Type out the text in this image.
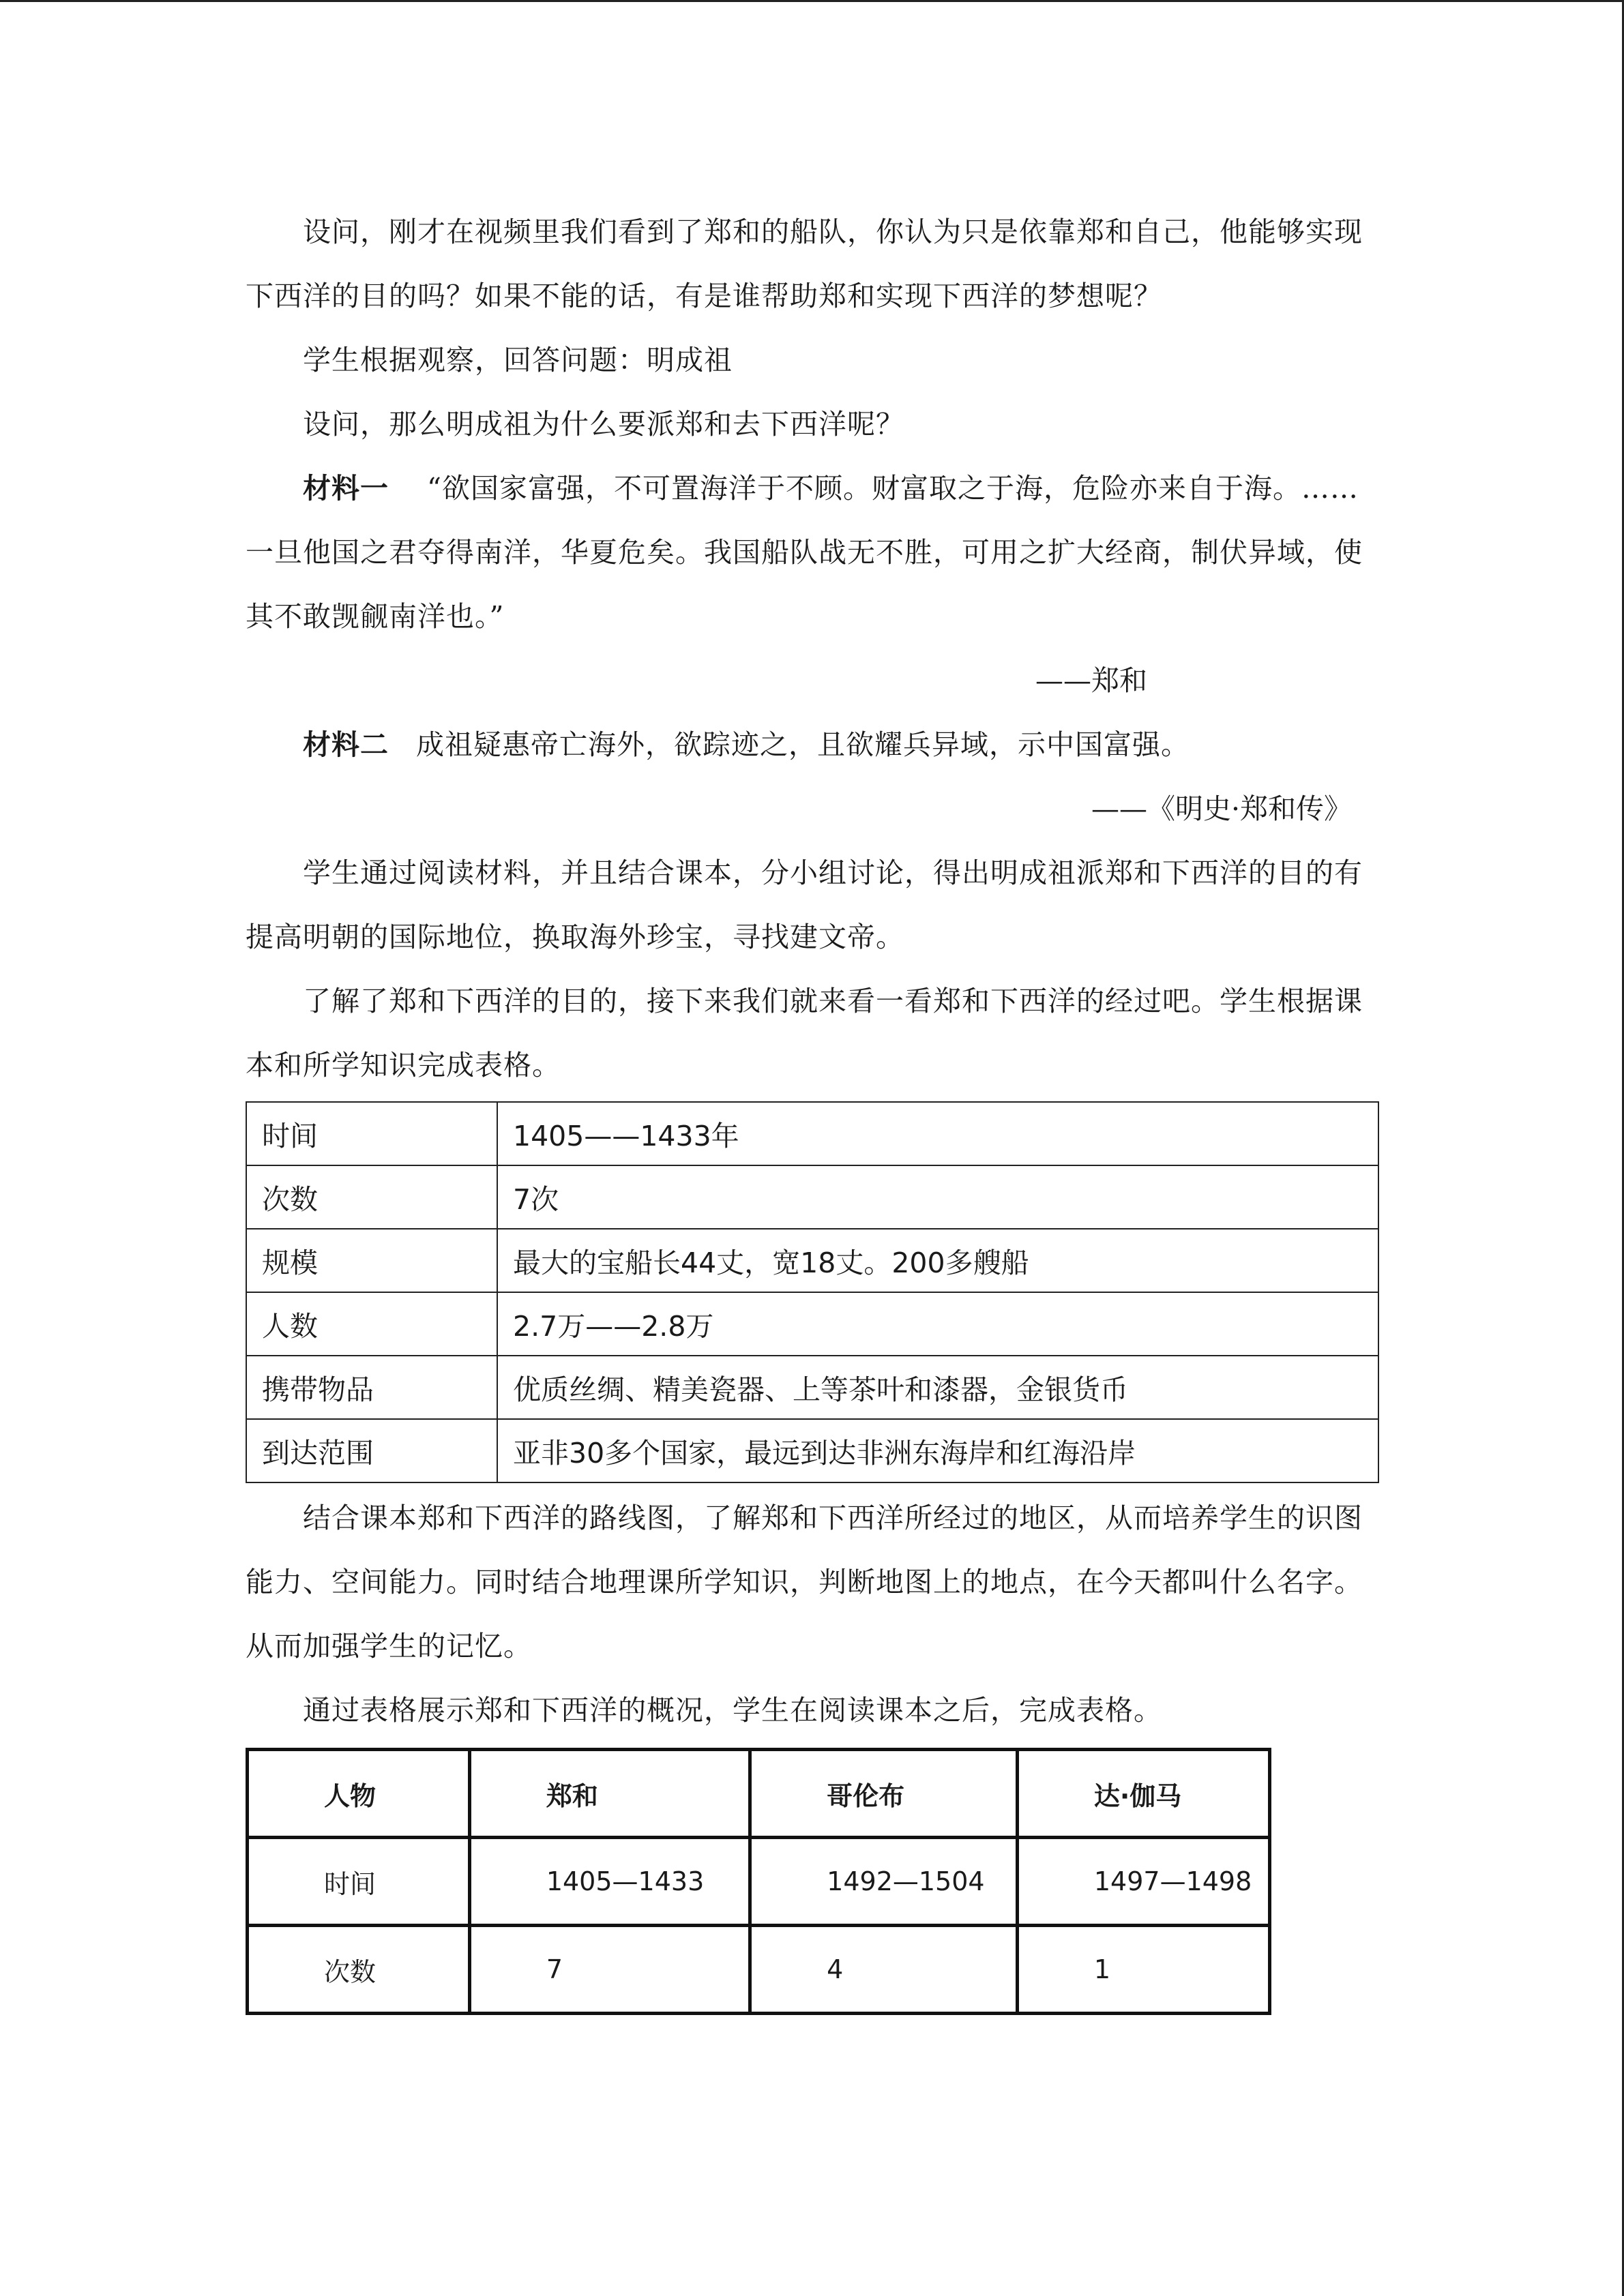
设问，刚才在视频里我们看到了郑和的船队，你认为只是依靠郑和自己，他能够实现下西洋的目的吗？如果不能的话，有是谁帮助郑和实现下西洋的梦想呢？

学生根据观察，回答问题：明成祖

设问，那么明成祖为什么要派郑和去下西洋呢？

材料一 “欲国家富强，不可置海洋于不顾。财富取之于海，危险亦来自于海。……一旦他国之君夺得南洋，华夏危矣。我国船队战无不胜，可用之扩大经商，制伏异域，使其不敢觊觎南洋也。”

——郑和

材料二 成祖疑惠帝亡海外，欲踪迹之，且欲耀兵异域，示中国富强。

——《明史·郑和传》

学生通过阅读材料，并且结合课本，分小组讨论，得出明成祖派郑和下西洋的目的有提高明朝的国际地位，换取海外珍宝，寻找建文帝。

了解了郑和下西洋的目的，接下来我们就来看一看郑和下西洋的经过吧。学生根据课本和所学知识完成表格。

时间	1405——1433年
次数	7次
规模	最大的宝船长44丈，宽18丈。200多艘船
人数	2.7万——2.8万
携带物品	优质丝绸、精美瓷器、上等茶叶和漆器，金银货币
到达范围	亚非30多个国家，最远到达非洲东海岸和红海沿岸

结合课本郑和下西洋的路线图，了解郑和下西洋所经过的地区，从而培养学生的识图能力、空间能力。同时结合地理课所学知识，判断地图上的地点，在今天都叫什么名字。从而加强学生的记忆。

通过表格展示郑和下西洋的概况，学生在阅读课本之后，完成表格。

人物	郑和	哥伦布	达·伽马
时间	1405—1433	1492—1504	1497—1498
次数	7	4	1
